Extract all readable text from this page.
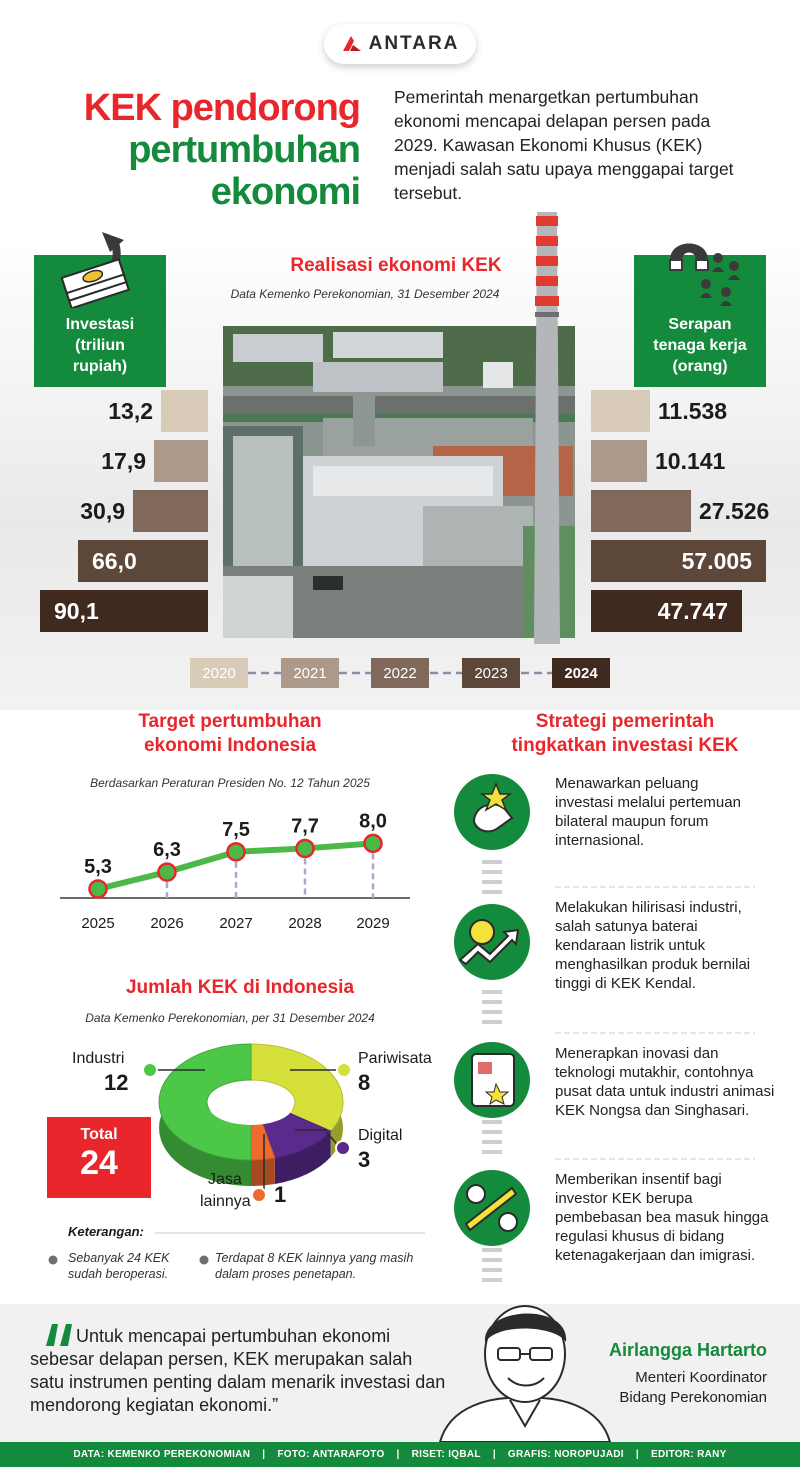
ANTARA
KEK pendorong
pertumbuhan
ekonomi
Pemerintah menargetkan pertumbuhan ekonomi mencapai delapan persen pada 2029. Kawasan Ekonomi Khusus (KEK) menjadi salah satu upaya menggapai target tersebut.
Realisasi ekonomi KEK
Data Kemenko Perekonomian, 31 Desember 2024
Investasi (triliun rupiah)
Serapan tenaga kerja (orang)
13,2
17,9
30,9
66,0
90,1
11.538
10.141
27.526
57.005
47.747
2020	2021	2022	2023	2024
Target pertumbuhan
ekonomi Indonesia
Berdasarkan Peraturan Presiden No. 12 Tahun 2025
5,3
2025
6,3
2026
7,5
2027
7,7
2028
8,0
2029
Jumlah KEK di Indonesia
Data Kemenko Perekonomian, per 31 Desember 2024
Industri
12
Pariwisata
8
Digital
3
Jasa
lainnya 1
Total
24
Keterangan:
Sebanyak 24 KEK sudah beroperasi.
Terdapat 8 KEK lainnya yang masih dalam proses penetapan.
Strategi pemerintah
tingkatkan investasi KEK
Menawarkan peluang investasi melalui pertemuan bilateral maupun forum internasional.
Melakukan hilirisasi industri, salah satunya baterai kendaraan listrik untuk menghasilkan produk bernilai tinggi di KEK Kendal.
Menerapkan inovasi dan teknologi mutakhir, contohnya pusat data untuk industri animasi KEK Nongsa dan Singhasari.
Memberikan insentif bagi investor KEK berupa pembebasan bea masuk hingga regulasi khusus di bidang ketenagakerjaan dan imigrasi.
Untuk mencapai pertumbuhan ekonomi sebesar delapan persen, KEK merupakan salah satu instrumen penting dalam menarik investasi dan mendorong kegiatan ekonomi.”
Airlangga Hartarto
Menteri Koordinator
Bidang Perekonomian
DATA: KEMENKO PEREKONOMIAN | FOTO: ANTARAFOTO | RISET: IQBAL | GRAFIS: NOROPUJADI | EDITOR: RANY
